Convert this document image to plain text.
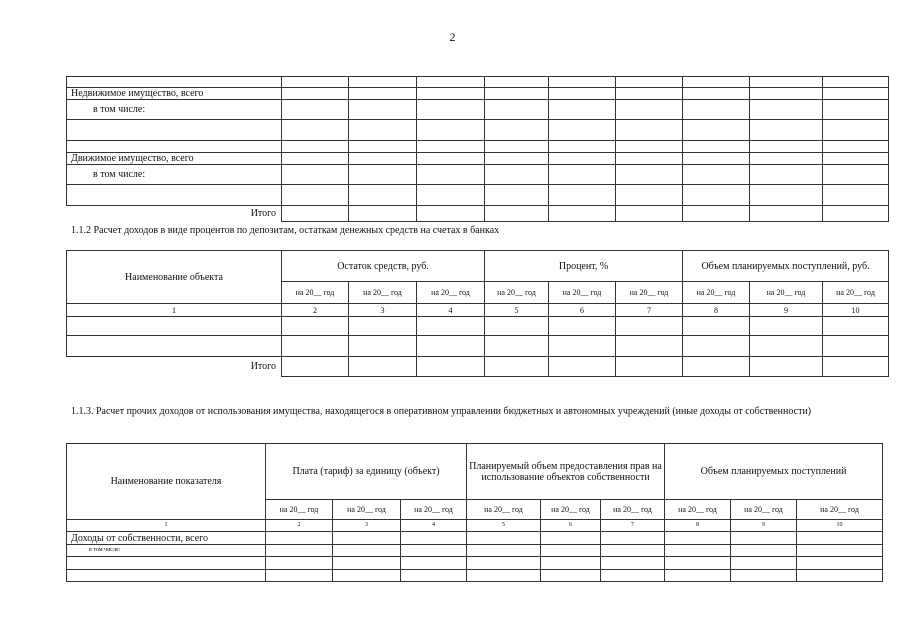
2

Недвижимое имущество, всего									
в том числе:									

Движимое имущество, всего									
в том числе:									

Итого									
1.1.2 Расчет доходов в виде процентов по депозитам, остаткам денежных средств на счетах в банках
Наименование объекта	Остаток средств, руб.			Процент, %			Объем планируемых поступлений, руб.		
	на 20__ год	на 20__ год	на 20__ год	на 20__ год	на 20__ год	на 20__ год	на 20__ год	на 20__ год	на 20__ год
1	2	3	4	5	6	7	8	9	10

Итого									
1.1.3. Расчет прочих доходов от использования имущества, находящегося в оперативном управлении бюджетных и автономных учреждений (иные доходы от собственности)
Наименование показателя	Плата (тариф) за единицу (объект)			Планируемый объем предоставления прав на использование объектов собственности			Объем планируемых поступлений		
	на 20__ год	на 20__ год	на 20__ год	на 20__ год	на 20__ год	на 20__ год	на 20__ год	на 20__ год	на 20__ год
1	2	3	4	5	6	7	8	9	10
Доходы от собственности, всего									
в том числе:									
